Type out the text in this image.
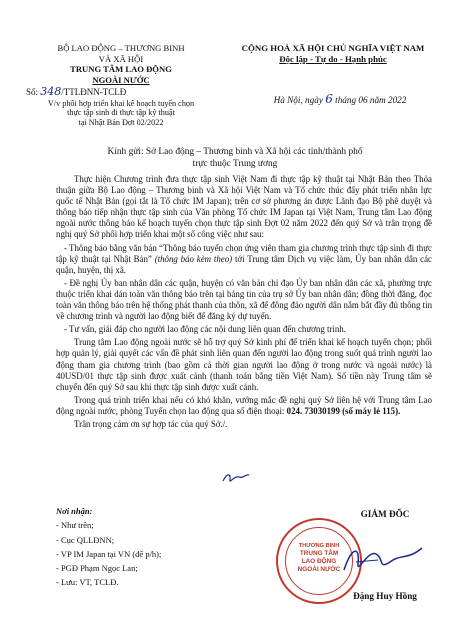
BỘ LAO ĐỘNG – THƯƠNG BINH
VÀ XÃ HỘI
TRUNG TÂM LAO ĐỘNG
NGOÀI NƯỚC
Số: 348/TTLĐNN-TCLĐ
V/v phối hợp triển khai kế hoạch tuyển chọn
thực tập sinh đi thực tập kỹ thuật
tại Nhật Bản Đợt 02/2022
CỘNG HOÀ XÃ HỘI CHỦ NGHĨA VIỆT NAM
Độc lập - Tự do - Hạnh phúc
Hà Nội, ngày 6 tháng 06 năm 2022
Kính gửi: Sở Lao động – Thương binh và Xã hội các tỉnh/thành phố
trực thuộc Trung ương

Thực hiện Chương trình đưa thực tập sinh Việt Nam đi thực tập kỹ thuật tại Nhật Bản theo Thỏa thuận giữa Bộ Lao động – Thương binh và Xã hội Việt Nam và Tổ chức thúc đẩy phát triển nhân lực quốc tế Nhật Bản (gọi tắt là Tổ chức IM Japan); trên cơ sở phương án được Lãnh đạo Bộ phê duyệt và thông báo tiếp nhận thực tập sinh của Văn phòng Tổ chức IM Japan tại Việt Nam, Trung tâm Lao động ngoài nước thông báo kế hoạch tuyển chọn thực tập sinh Đợt 02 năm 2022 đến quý Sở và trân trọng đề nghị quý Sở phối hợp triển khai một số công việc như sau:

- Thông báo bằng văn bản “Thông báo tuyển chọn ứng viên tham gia chương trình thực tập sinh đi thực tập kỹ thuật tại Nhật Bản” (thông báo kèm theo) tới Trung tâm Dịch vụ việc làm, Ủy ban nhân dân các quận, huyện, thị xã.

- Đề nghị Ủy ban nhân dân các quận, huyện có văn bản chỉ đạo Ủy ban nhân dân các xã, phường trực thuộc triển khai dán toàn văn thông báo trên tại bảng tin của trụ sở Ủy ban nhân dân; đồng thời đăng, đọc toàn văn thông báo trên hệ thống phát thanh của thôn, xã để đông đảo người dân nắm bắt đầy đủ thông tin về chương trình và người lao động biết để đăng ký dự tuyển.

- Tư vấn, giải đáp cho người lao động các nội dung liên quan đến chương trình.

Trung tâm Lao động ngoài nước sẽ hỗ trợ quý Sở kinh phí để triển khai kế hoạch tuyển chọn; phối hợp quản lý, giải quyết các vấn đề phát sinh liên quan đến người lao động trong suốt quá trình người lao động tham gia chương trình (bao gồm cả thời gian người lao động ở trong nước và ngoài nước) là 40USD/01 thực tập sinh được xuất cảnh (thanh toán bằng tiền Việt Nam). Số tiền này Trung tâm sẽ chuyển đến quý Sở sau khi thực tập sinh được xuất cảnh.

Trong quá trình triển khai nếu có khó khăn, vướng mắc đề nghị quý Sở liên hệ với Trung tâm Lao động ngoài nước, phòng Tuyển chọn lao động qua số điện thoại: 024. 73030199 (số máy lẻ 115).

Trân trọng cảm ơn sự hợp tác của quý Sở./.

Nơi nhận:
- Như trên;
- Cục QLLĐNN;
- VP IM Japan tại VN (để p/h);
- PGĐ Phạm Ngọc Lan;
- Lưu: VT, TCLĐ.
THƯƠNG BINH
TRUNG TÂM
LAO ĐỘNG
NGOÀI NƯỚC
GIÁM ĐỐC
Đặng Huy Hồng
